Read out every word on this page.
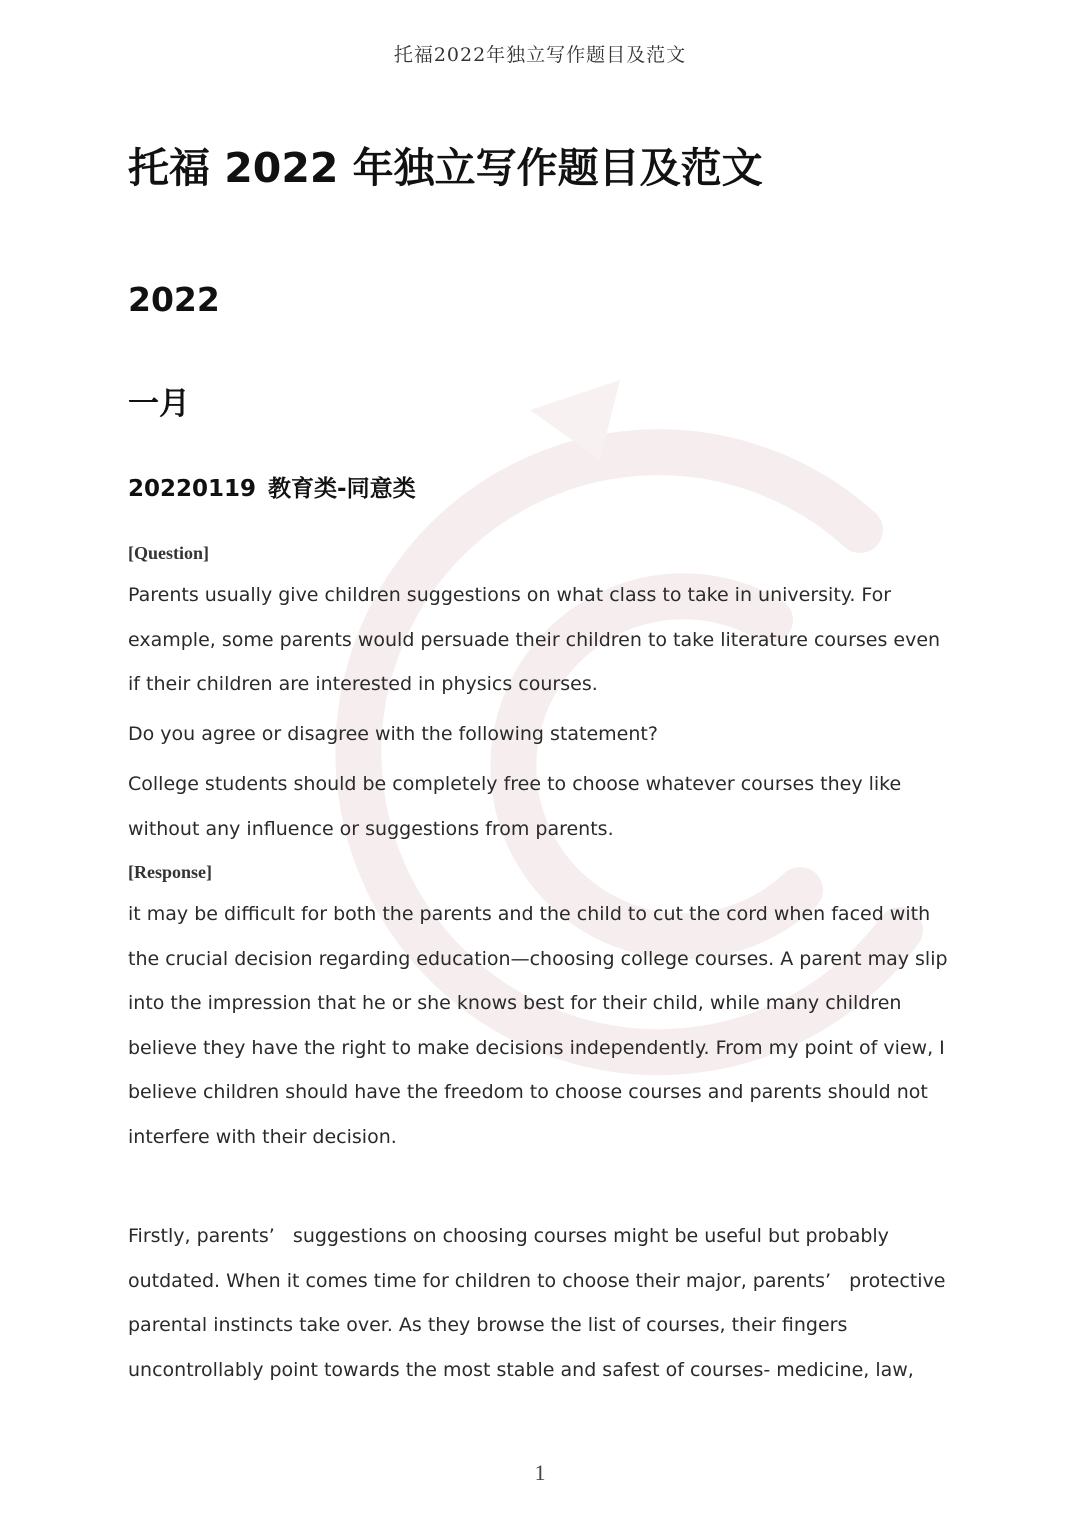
托福2022年独立写作题目及范文
托福 2022 年独立写作题目及范文
2022
一月
20220119 教育类-同意类
[Question]
Parents usually give children suggestions on what class to take in university. For
example, some parents would persuade their children to take literature courses even
if their children are interested in physics courses.
Do you agree or disagree with the following statement?
College students should be completely free to choose whatever courses they like
without any influence or suggestions from parents.
[Response]
it may be difficult for both the parents and the child to cut the cord when faced with
the crucial decision regarding education—choosing college courses. A parent may slip
into the impression that he or she knows best for their child, while many children
believe they have the right to make decisions independently. From my point of view, I
believe children should have the freedom to choose courses and parents should not
interfere with their decision.
Firstly, parents’   suggestions on choosing courses might be useful but probably
outdated. When it comes time for children to choose their major, parents’   protective
parental instincts take over. As they browse the list of courses, their fingers
uncontrollably point towards the most stable and safest of courses- medicine, law,
1
